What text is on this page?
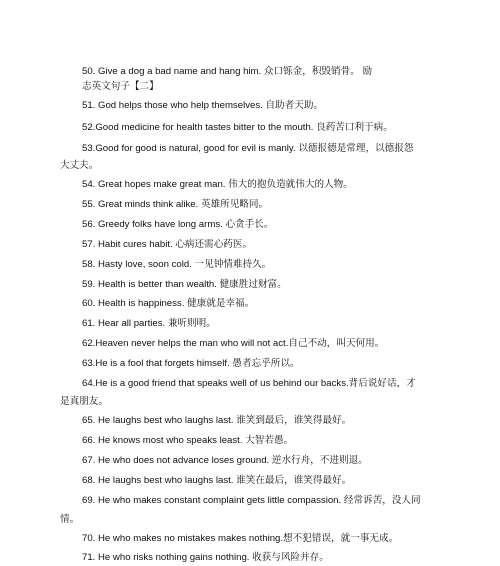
50. Give a dog a bad name and hang him. 众口铄金，积毁销骨。 励
志英文句子【二】
51. God helps those who help themselves. 自助者天助。
52.Good medicine for health tastes bitter to the mouth. 良药苦口利于病。
53.Good for good is natural, good for evil is manly. 以德报德是常理，以德报怨
大丈夫。
54. Great hopes make great man. 伟大的抱负造就伟大的人物。
55. Great minds think alike. 英雄所见略同。
56. Greedy folks have long arms. 心贪手长。
57. Habit cures habit. 心病还需心药医。
58. Hasty love, soon cold. 一见钟情难持久。
59. Health is better than wealth. 健康胜过财富。
60. Health is happiness. 健康就是幸福。
61. Hear all parties. 兼听则明。
62.Heaven never helps the man who will not act.自己不动，叫天何用。
63.He is a fool that forgets himself. 愚者忘乎所以。
64.He is a good friend that speaks well of us behind our backs.背后说好话，才
是真朋友。
65. He laughs best who laughs last. 谁笑到最后，谁笑得最好。
66. He knows most who speaks least. 大智若愚。
67. He who does not advance loses ground. 逆水行舟，不进则退。
68. He laughs best who laughs last. 谁笑在最后，谁笑得最好。
69. He who makes constant complaint gets little compassion. 经常诉苦，没人同
情。
70. He who makes no mistakes makes nothing.想不犯错误，就一事无成。
71. He who risks nothing gains nothing. 收获与风险并存。
